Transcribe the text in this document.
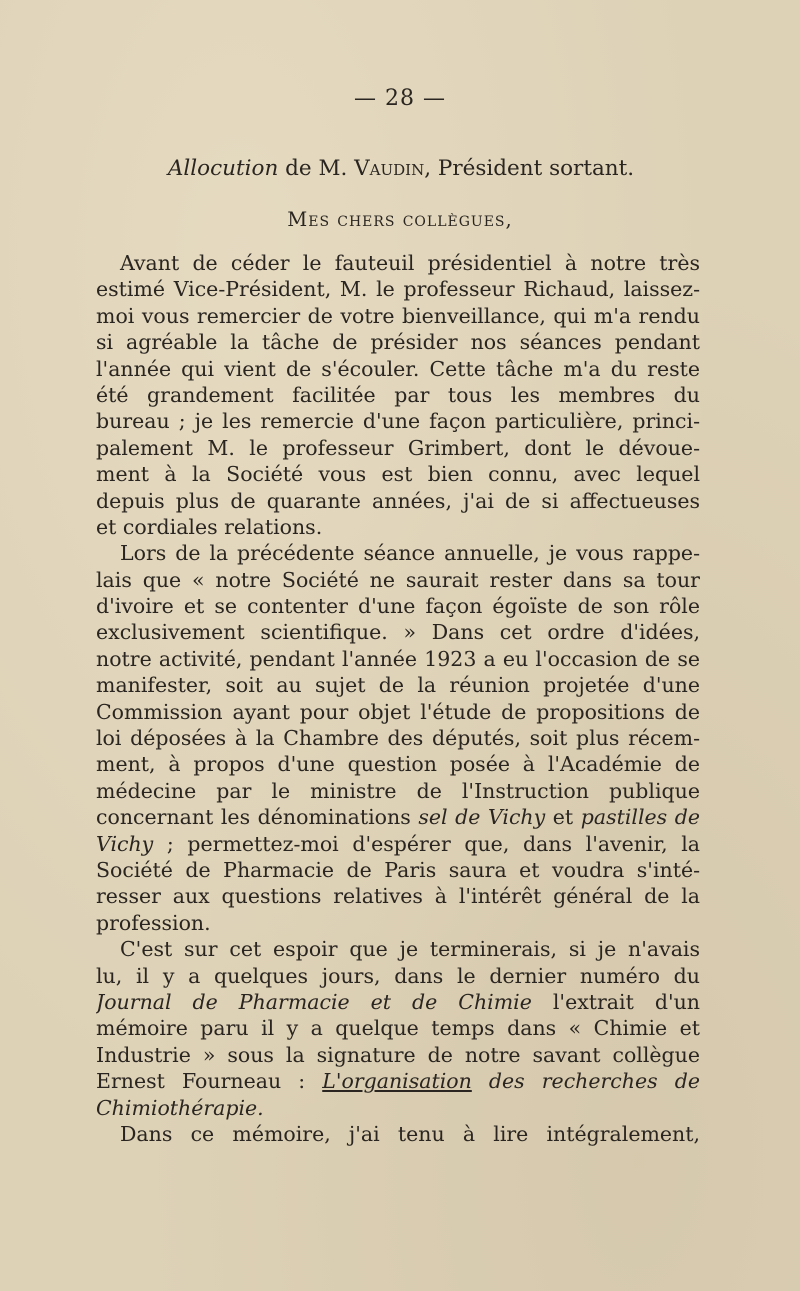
— 28 —
Allocution de M. Vaudin, Président sortant.
Mes chers collègues,
Avant de céder le fauteuil présidentiel à notre très
estimé Vice-Président, M. le professeur Richaud, laissez-
moi vous remercier de votre bienveillance, qui m'a rendu
si agréable la tâche de présider nos séances pendant
l'année qui vient de s'écouler. Cette tâche m'a du reste
été grandement facilitée par tous les membres du
bureau ; je les remercie d'une façon particulière, princi-
palement M. le professeur Grimbert, dont le dévoue-
ment à la Société vous est bien connu, avec lequel
depuis plus de quarante années, j'ai de si affectueuses
et cordiales relations.
Lors de la précédente séance annuelle, je vous rappe-
lais que « notre Société ne saurait rester dans sa tour
d'ivoire et se contenter d'une façon égoïste de son rôle
exclusivement scientifique. » Dans cet ordre d'idées,
notre activité, pendant l'année 1923 a eu l'occasion de se
manifester, soit au sujet de la réunion projetée d'une
Commission ayant pour objet l'étude de propositions de
loi déposées à la Chambre des députés, soit plus récem-
ment, à propos d'une question posée à l'Académie de
médecine par le ministre de l'Instruction publique
concernant les dénominations sel de Vichy et pastilles de
Vichy ; permettez-moi d'espérer que, dans l'avenir, la
Société de Pharmacie de Paris saura et voudra s'inté-
resser aux questions relatives à l'intérêt général de la
profession.
C'est sur cet espoir que je terminerais, si je n'avais
lu, il y a quelques jours, dans le dernier numéro du
Journal de Pharmacie et de Chimie l'extrait d'un
mémoire paru il y a quelque temps dans « Chimie et
Industrie » sous la signature de notre savant collègue
Ernest Fourneau : L'organisation des recherches de
Chimiothérapie.
Dans ce mémoire, j'ai tenu à lire intégralement,
